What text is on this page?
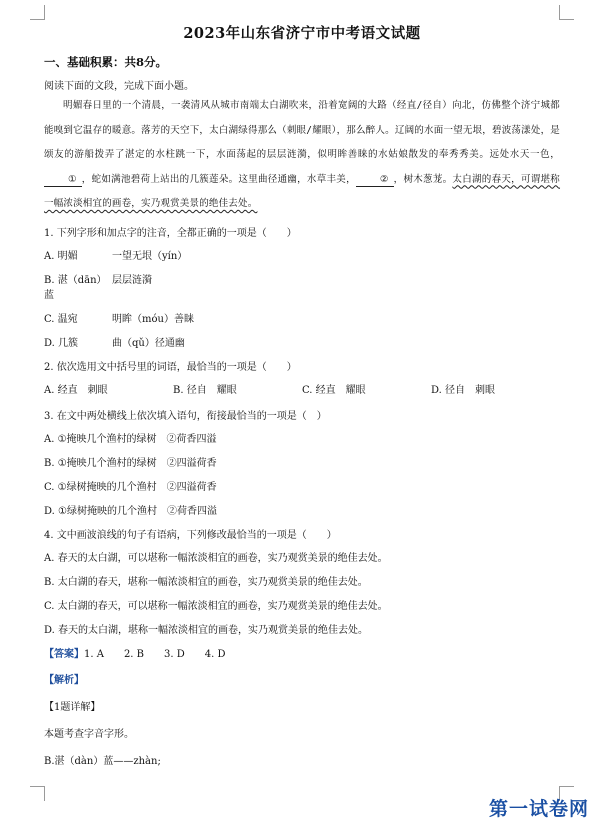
2023年山东省济宁市中考语文试题
一、基础积累：共8分。

阅读下面的文段，完成下面小题。

明媚春日里的一个清晨，一袭清风从城市南端太白湖吹来，沿着宽阔的大路（经直/径自）向北，仿佛整个济宁城都能嗅到它温存的暖意。落芳的天空下，太白湖绿得那么（刺眼/耀眼），那么醉人。辽阔的水面一望无垠，碧波荡漾处，是颂友的游船拨弄了湛定的水柱跳一下，水面荡起的层层涟漪，似明眸善睐的水姑娘散发的奉秀秀美。远处水天一色，① ，蛇如满池碧荷上站出的几簇莲朵。这里曲径通幽，水草丰美，	② ，树木葱茏。太白湖的春天，可谓堪称一幅浓淡相宜的画卷，实乃观赏美景的绝佳去处。

1. 下列字形和加点字的注音，全都正确的一项是（　　）
A. 明媚	一望无垠（yín）
B. 湛（dān）蓝
层层涟漪
C. 温宛	明眸（móu）善睐
D. 几簇	曲（qǔ）径通幽
2. 依次选用文中括号里的词语，最恰当的一项是（　　）
A. 经直　刺眼	B. 径自　耀眼	C. 经直　耀眼	D. 径自　刺眼
3. 在文中两处横线上依次填入语句，衔接最恰当的一项是（　）
A. ①掩映几个渔村的绿树　②荷香四溢
B. ①掩映几个渔村的绿树　②四溢荷香
C. ①绿树掩映的几个渔村　②四溢荷香
D. ①绿树掩映的几个渔村　②荷香四溢
4. 文中画波浪线的句子有语病，下列修改最恰当的一项是（　　）
A. 春天的太白湖，可以堪称一幅浓淡相宜的画卷，实乃观赏美景的绝佳去处。
B. 太白湖的春天，堪称一幅浓淡相宜的画卷，实乃观赏美景的绝佳去处。
C. 太白湖的春天，可以堪称一幅浓淡相宜的画卷，实乃观赏美景的绝佳去处。
D. 春天的太白湖，堪称一幅浓淡相宜的画卷，实乃观赏美景的绝佳去处。
【答案】1. A　　2. B　　3. D　　4. D
【解析】
【1题详解】
本题考查字音字形。
B.湛（dàn）蓝——zhàn;
第一试卷网
